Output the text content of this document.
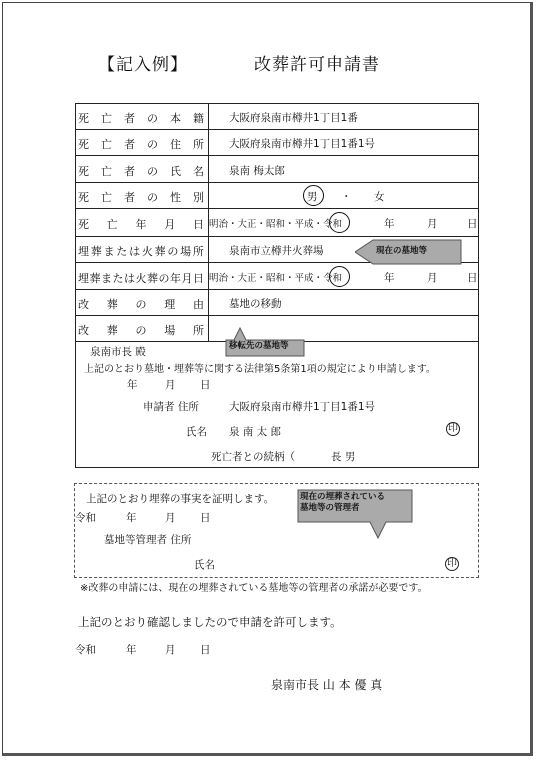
【記入例】	改葬許可申請書
死 亡 者 の 本 籍 大阪府泉南市樽井1丁目1番
死 亡 者 の 住 所 大阪府泉南市樽井1丁目1番1号
死 亡 者 の 氏 名 泉南 梅太郎
死 亡 者 の 性 別	男 ・ 女
死 亡 年 月 日 明治・大正・昭和・平成・令和	年	月	日
埋 葬 ま た は 火 葬 の 場 所 泉南市立樽井火葬場
埋 葬 ま た は 火 葬 の 年 月 日 明治・大正・昭和・平成・令和	年	月	日
改 葬 の 理 由 墓地の移動
改 葬 の 場 所
泉南市長 殿
上記のとおり墓地・埋葬等に関する法律第5条第1項の規定により申請します。
年	月 日
申請者 住所	大阪府泉南市樽井1丁目1番1号
氏名 泉 南 太 郎	印
死亡者との続柄（	長 男
現在の墓地等
移転先の墓地等
上記のとおり埋葬の事実を証明します。
令和	年	月 日
墓地等管理者 住所
氏名	印
現在の埋葬されている
墓地等の管理者
※改葬の申請には、現在の埋葬されている墓地等の管理者の承諾が必要です。
上記のとおり確認しましたので申請を許可します。
令和	年	月 日
泉南市長 山 本 優 真
